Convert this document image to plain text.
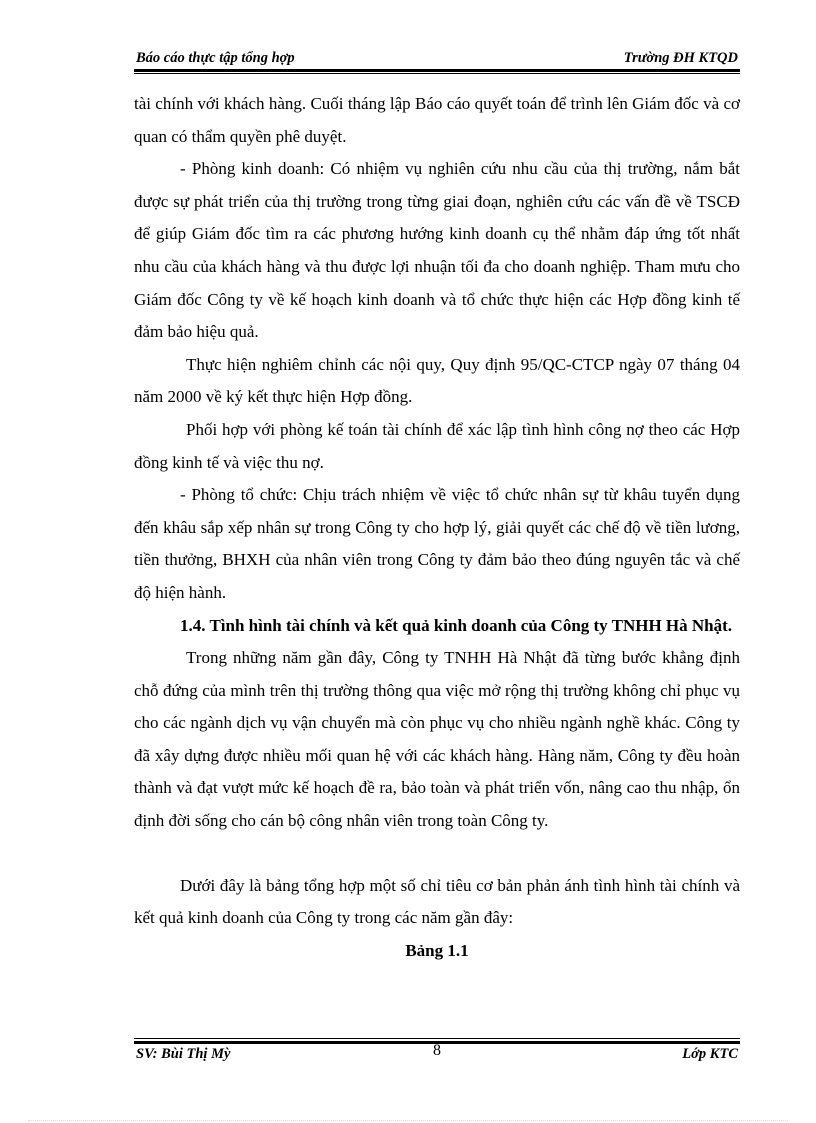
Báo cáo thực tập tổng hợp	Trường ĐH KTQD

tài chính với khách hàng. Cuối tháng lập Báo cáo quyết toán để trình lên Giám đốc và cơ quan có thẩm quyền phê duyệt.

- Phòng kinh doanh: Có nhiệm vụ nghiên cứu nhu cầu của thị trường, nắm bắt được sự phát triển của thị trường trong từng giai đoạn, nghiên cứu các vấn đề về TSCĐ để giúp Giám đốc tìm ra các phương hướng kinh doanh cụ thể nhằm đáp ứng tốt nhất nhu cầu của khách hàng và thu được lợi nhuận tối đa cho doanh nghiệp. Tham mưu cho Giám đốc Công ty về kế hoạch kinh doanh và tổ chức thực hiện các Hợp đồng kinh tế đảm bảo hiệu quả.

Thực hiện nghiêm chỉnh các nội quy, Quy định 95/QC-CTCP ngày 07 tháng 04 năm 2000 về ký kết thực hiện Hợp đồng.

Phối hợp với phòng kế toán tài chính để xác lập tình hình công nợ theo các Hợp đồng kinh tế và việc thu nợ.

- Phòng tổ chức: Chịu trách nhiệm về việc tổ chức nhân sự từ khâu tuyển dụng đến khâu sắp xếp nhân sự trong Công ty cho hợp lý, giải quyết các chế độ về tiền lương, tiền thưởng, BHXH của nhân viên trong Công ty đảm bảo theo đúng nguyên tắc và chế độ hiện hành.

1.4. Tình hình tài chính và kết quả kinh doanh của Công ty TNHH Hà Nhật.

Trong những năm gần đây, Công ty TNHH Hà Nhật đã từng bước khẳng định chỗ đứng của mình trên thị trường thông qua việc mở rộng thị trường không chỉ phục vụ cho các ngành dịch vụ vận chuyển mà còn phục vụ cho nhiều ngành nghề khác. Công ty đã xây dựng được nhiều mối quan hệ với các khách hàng. Hàng năm, Công ty đều hoàn thành và đạt vượt mức kế hoạch đề ra, bảo toàn và phát triển vốn, nâng cao thu nhập, ổn định đời sống cho cán bộ công nhân viên trong toàn Công ty.

Dưới đây là bảng tổng hợp một số chỉ tiêu cơ bản phản ánh tình hình tài chính và kết quả kinh doanh của Công ty trong các năm gần đây:

Bảng 1.1

SV: Bùi Thị Mỳ	8	Lớp KTC
